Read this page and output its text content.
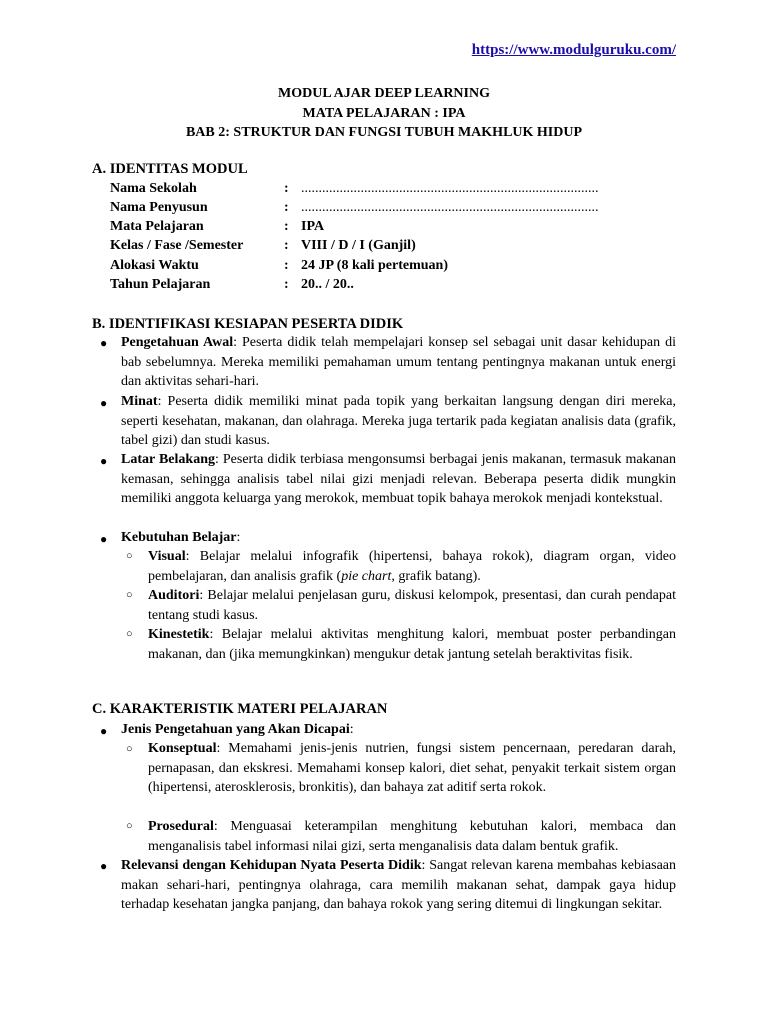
https://www.modulguruku.com/
MODUL AJAR DEEP LEARNING
MATA PELAJARAN : IPA
BAB 2: STRUKTUR DAN FUNGSI TUBUH MAKHLUK HIDUP
A. IDENTITAS MODUL
Nama Sekolah	: .....................................................................................
Nama Penyusun	: .....................................................................................
Mata Pelajaran	: IPA
Kelas / Fase /Semester	: VIII / D / I (Ganjil)
Alokasi Waktu	: 24 JP (8 kali pertemuan)
Tahun Pelajaran	: 20.. / 20..
B. IDENTIFIKASI KESIAPAN PESERTA DIDIK
● Pengetahuan Awal: Peserta didik telah mempelajari konsep sel sebagai unit dasar kehidupan di bab sebelumnya. Mereka memiliki pemahaman umum tentang pentingnya makanan untuk energi dan aktivitas sehari-hari.
● Minat: Peserta didik memiliki minat pada topik yang berkaitan langsung dengan diri mereka, seperti kesehatan, makanan, dan olahraga. Mereka juga tertarik pada kegiatan analisis data (grafik, tabel gizi) dan studi kasus.
● Latar Belakang: Peserta didik terbiasa mengonsumsi berbagai jenis makanan, termasuk makanan kemasan, sehingga analisis tabel nilai gizi menjadi relevan. Beberapa peserta didik mungkin memiliki anggota keluarga yang merokok, membuat topik bahaya merokok menjadi kontekstual.
● Kebutuhan Belajar:
○ Visual: Belajar melalui infografik (hipertensi, bahaya rokok), diagram organ, video pembelajaran, dan analisis grafik (pie chart, grafik batang).
○ Auditori: Belajar melalui penjelasan guru, diskusi kelompok, presentasi, dan curah pendapat tentang studi kasus.
○ Kinestetik: Belajar melalui aktivitas menghitung kalori, membuat poster perbandingan makanan, dan (jika memungkinkan) mengukur detak jantung setelah beraktivitas fisik.
C. KARAKTERISTIK MATERI PELAJARAN
● Jenis Pengetahuan yang Akan Dicapai:
○ Konseptual: Memahami jenis-jenis nutrien, fungsi sistem pencernaan, peredaran darah, pernapasan, dan ekskresi. Memahami konsep kalori, diet sehat, penyakit terkait sistem organ (hipertensi, aterosklerosis, bronkitis), dan bahaya zat aditif serta rokok.
○ Prosedural: Menguasai keterampilan menghitung kebutuhan kalori, membaca dan menganalisis tabel informasi nilai gizi, serta menganalisis data dalam bentuk grafik.
● Relevansi dengan Kehidupan Nyata Peserta Didik: Sangat relevan karena membahas kebiasaan makan sehari-hari, pentingnya olahraga, cara memilih makanan sehat, dampak gaya hidup terhadap kesehatan jangka panjang, dan bahaya rokok yang sering ditemui di lingkungan sekitar.
